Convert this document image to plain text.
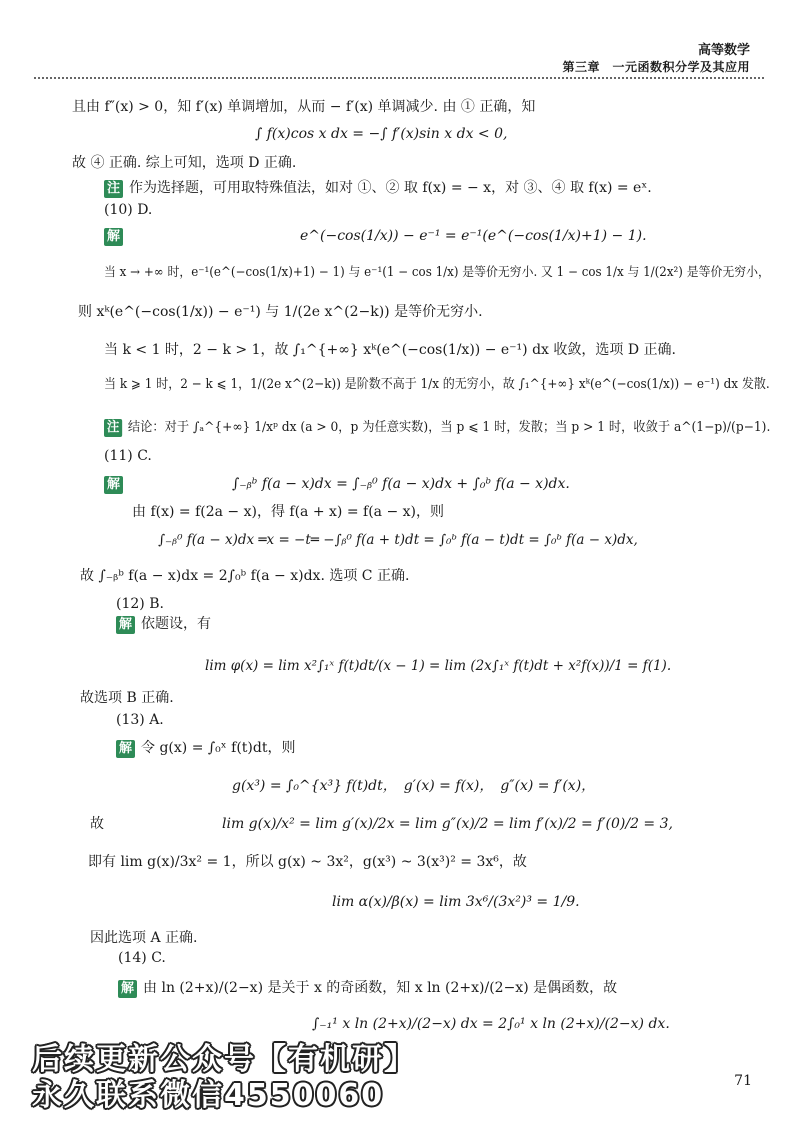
高等数学
第三章　一元函数积分学及其应用
且由 f″(x) > 0，知 f′(x) 单调增加，从而 − f′(x) 单调减少. 由 ① 正确，知
∫ f(x)cos x dx = −∫ f′(x)sin x dx < 0,
故 ④ 正确. 综上可知，选项 D 正确.
注 作为选择题，可用取特殊值法，如对 ①、② 取 f(x) = − x，对 ③、④ 取 f(x) = eˣ.
(10) D.
解	e^(−cos(1/x)) − e⁻¹ = e⁻¹(e^(−cos(1/x)+1) − 1).
当 x → +∞ 时，e⁻¹(e^(−cos(1/x)+1) − 1) 与 e⁻¹(1 − cos 1/x) 是等价无穷小. 又 1 − cos 1/x 与 1/(2x²) 是等价无穷小，
则 xᵏ(e^(−cos(1/x)) − e⁻¹) 与 1/(2e x^(2−k)) 是等价无穷小.
当 k < 1 时，2 − k > 1，故 ∫₁^{+∞} xᵏ(e^(−cos(1/x)) − e⁻¹) dx 收敛，选项 D 正确.
当 k ⩾ 1 时，2 − k ⩽ 1，1/(2e x^(2−k)) 是阶数不高于 1/x 的无穷小，故 ∫₁^{+∞} xᵏ(e^(−cos(1/x)) − e⁻¹) dx 发散.
注 结论：对于 ∫ₐ^{+∞} 1/xᵖ dx (a > 0，p 为任意实数)，当 p ⩽ 1 时，发散；当 p > 1 时，收敛于 a^(1−p)/(p−1).
(11) C.
解	∫₋ᵦᵇ f(a − x)dx = ∫₋ᵦ⁰ f(a − x)dx + ∫₀ᵇ f(a − x)dx.
由 f(x) = f(2a − x)，得 f(a + x) = f(a − x)，则
∫₋ᵦ⁰ f(a − x)dx ═x = −t═ −∫ᵦ⁰ f(a + t)dt = ∫₀ᵇ f(a − t)dt = ∫₀ᵇ f(a − x)dx,
故 ∫₋ᵦᵇ f(a − x)dx = 2∫₀ᵇ f(a − x)dx. 选项 C 正确.
(12) B.
解 依题设，有
lim φ(x) = lim x²∫₁ˣ f(t)dt/(x − 1) = lim (2x∫₁ˣ f(t)dt + x²f(x))/1 = f(1).
故选项 B 正确.
(13) A.
解 令 g(x) = ∫₀ˣ f(t)dt，则
g(x³) = ∫₀^{x³} f(t)dt，　g′(x) = f(x)，　g″(x) = f′(x)，
故	lim g(x)/x² = lim g′(x)/2x = lim g″(x)/2 = lim f′(x)/2 = f′(0)/2 = 3,
即有 lim g(x)/3x² = 1，所以 g(x) ~ 3x²，g(x³) ~ 3(x³)² = 3x⁶，故
lim α(x)/β(x) = lim 3x⁶/(3x²)³ = 1/9.
因此选项 A 正确.
(14) C.
解 由 ln (2+x)/(2−x) 是关于 x 的奇函数，知 x ln (2+x)/(2−x) 是偶函数，故
∫₋₁¹ x ln (2+x)/(2−x) dx = 2∫₀¹ x ln (2+x)/(2−x) dx.
后续更新公众号【有机研】
永久联系微信4550060	71
